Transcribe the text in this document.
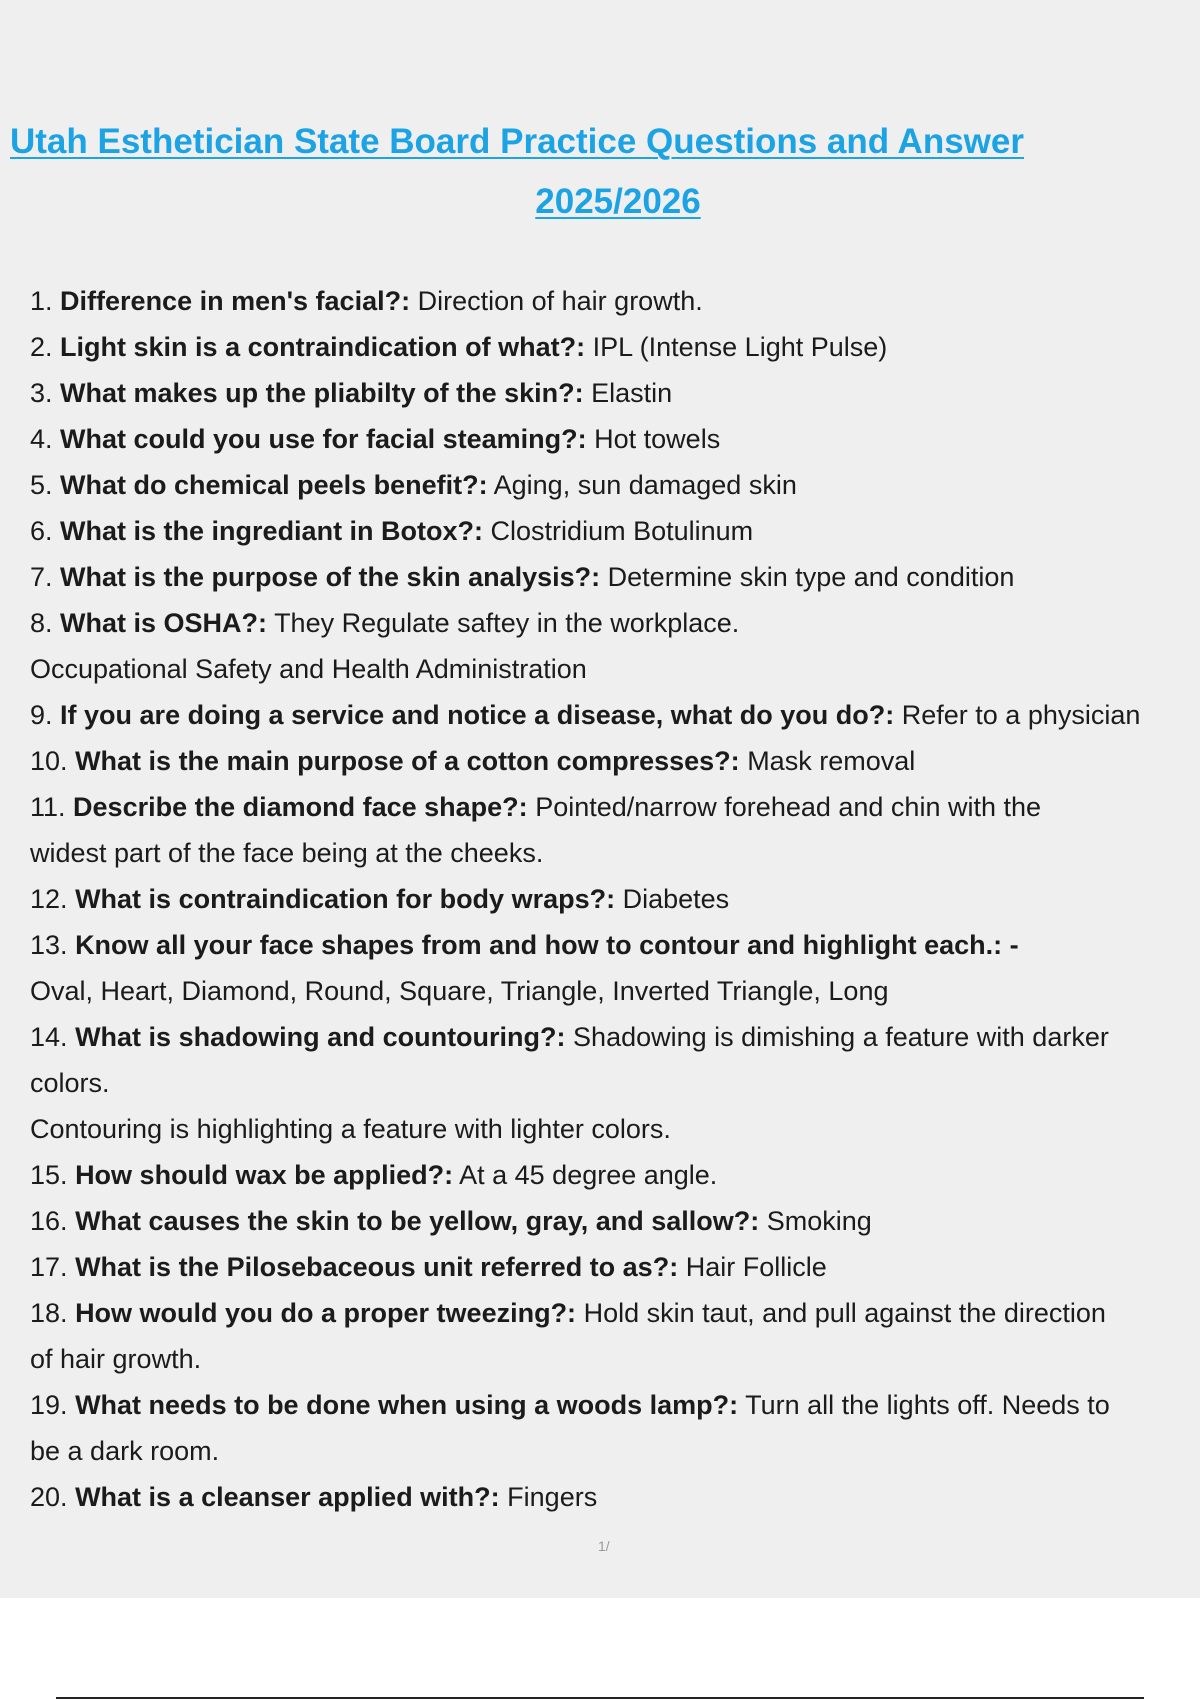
Utah Esthetician State Board Practice Questions and Answer
2025/2026
1. Difference in men's facial?: Direction of hair growth.
2. Light skin is a contraindication of what?: IPL (Intense Light Pulse)
3. What makes up the pliabilty of the skin?: Elastin
4. What could you use for facial steaming?: Hot towels
5. What do chemical peels benefit?: Aging, sun damaged skin
6. What is the ingrediant in Botox?: Clostridium Botulinum
7. What is the purpose of the skin analysis?: Determine skin type and condition
8. What is OSHA?: They Regulate saftey in the workplace.
Occupational Safety and Health Administration
9. If you are doing a service and notice a disease, what do you do?: Refer to a physician
10. What is the main purpose of a cotton compresses?: Mask removal
11. Describe the diamond face shape?: Pointed/narrow forehead and chin with the
widest part of the face being at the cheeks.
12. What is contraindication for body wraps?: Diabetes
13. Know all your face shapes from and how to contour and highlight each.: -
Oval, Heart, Diamond, Round, Square, Triangle, Inverted Triangle, Long
14. What is shadowing and countouring?: Shadowing is dimishing a feature with darker
colors.
Contouring is highlighting a feature with lighter colors.
15. How should wax be applied?: At a 45 degree angle.
16. What causes the skin to be yellow, gray, and sallow?: Smoking
17. What is the Pilosebaceous unit referred to as?: Hair Follicle
18. How would you do a proper tweezing?: Hold skin taut, and pull against the direction
of hair growth.
19. What needs to be done when using a woods lamp?: Turn all the lights off. Needs to
be a dark room.
20. What is a cleanser applied with?: Fingers
1/
